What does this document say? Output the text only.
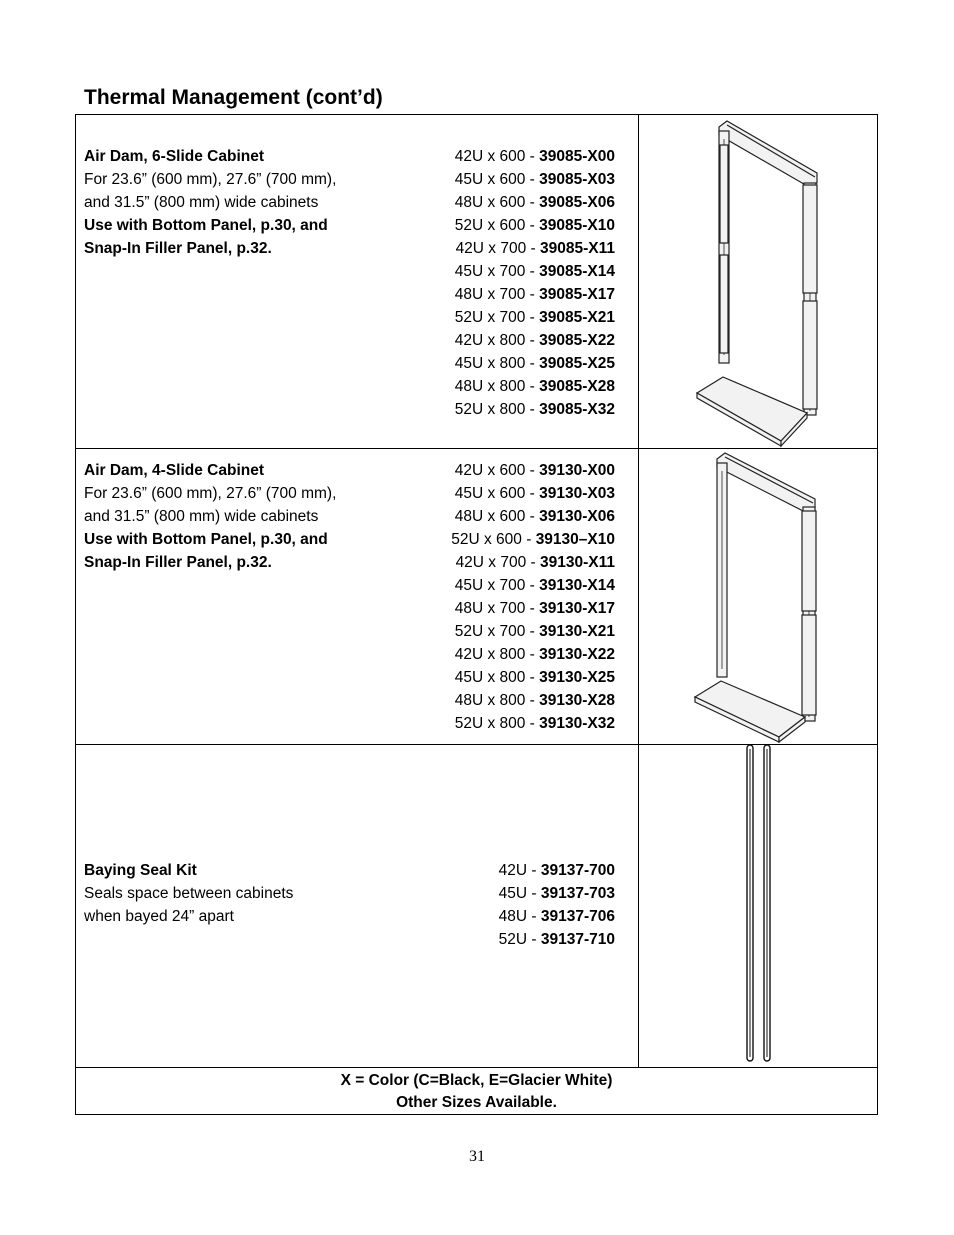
Thermal Management (cont’d)
Air Dam, 6-Slide Cabinet
For 23.6” (600 mm), 27.6” (700 mm),
and 31.5” (800 mm) wide cabinets
Use with Bottom Panel, p.30, and
Snap-In Filler Panel, p.32.
42U x 600 - 39085-X00
45U x 600 - 39085-X03
48U x 600 - 39085-X06
52U x 600 - 39085-X10
42U x 700 - 39085-X11
45U x 700 - 39085-X14
48U x 700 - 39085-X17
52U x 700 - 39085-X21
42U x 800 - 39085-X22
45U x 800 - 39085-X25
48U x 800 - 39085-X28
52U x 800 - 39085-X32
Air Dam, 4-Slide Cabinet
For 23.6” (600 mm), 27.6” (700 mm),
and 31.5” (800 mm) wide cabinets
Use with Bottom Panel, p.30, and
Snap-In Filler Panel, p.32.
42U x 600 - 39130-X00
45U x 600 - 39130-X03
48U x 600 - 39130-X06
52U x 600 - 39130–X10
42U x 700 - 39130-X11
45U x 700 - 39130-X14
48U x 700 - 39130-X17
52U x 700 - 39130-X21
42U x 800 - 39130-X22
45U x 800 - 39130-X25
48U x 800 - 39130-X28
52U x 800 - 39130-X32
Baying Seal Kit
Seals space between cabinets
when bayed 24” apart
42U - 39137-700
45U - 39137-703
48U - 39137-706
52U - 39137-710
X = Color (C=Black, E=Glacier White)
Other Sizes Available.
31
